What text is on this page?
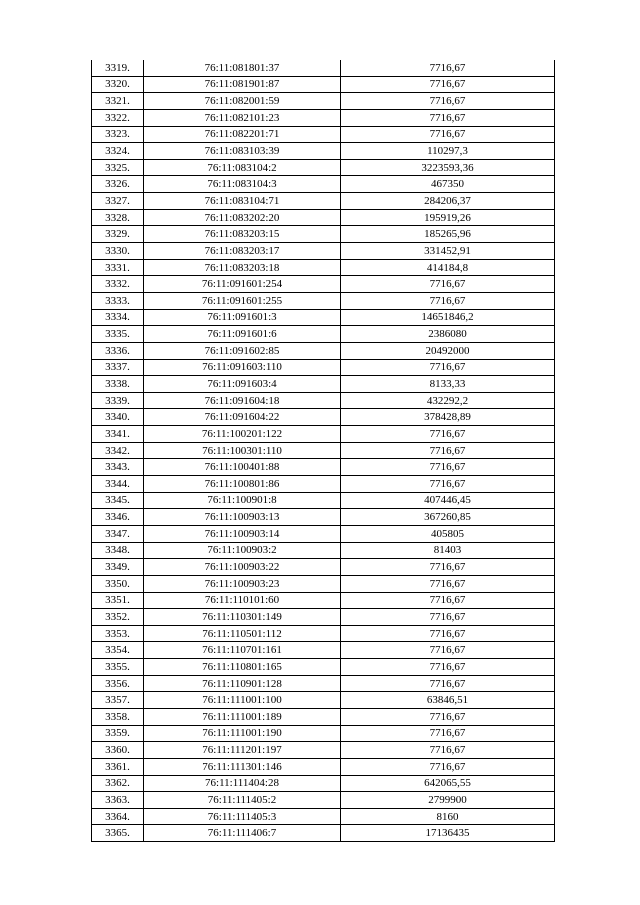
3319.	76:11:081801:37	7716,67
3320.	76:11:081901:87	7716,67
3321.	76:11:082001:59	7716,67
3322.	76:11:082101:23	7716,67
3323.	76:11:082201:71	7716,67
3324.	76:11:083103:39	110297,3
3325.	76:11:083104:2	3223593,36
3326.	76:11:083104:3	467350
3327.	76:11:083104:71	284206,37
3328.	76:11:083202:20	195919,26
3329.	76:11:083203:15	185265,96
3330.	76:11:083203:17	331452,91
3331.	76:11:083203:18	414184,8
3332.	76:11:091601:254	7716,67
3333.	76:11:091601:255	7716,67
3334.	76:11:091601:3	14651846,2
3335.	76:11:091601:6	2386080
3336.	76:11:091602:85	20492000
3337.	76:11:091603:110	7716,67
3338.	76:11:091603:4	8133,33
3339.	76:11:091604:18	432292,2
3340.	76:11:091604:22	378428,89
3341.	76:11:100201:122	7716,67
3342.	76:11:100301:110	7716,67
3343.	76:11:100401:88	7716,67
3344.	76:11:100801:86	7716,67
3345.	76:11:100901:8	407446,45
3346.	76:11:100903:13	367260,85
3347.	76:11:100903:14	405805
3348.	76:11:100903:2	81403
3349.	76:11:100903:22	7716,67
3350.	76:11:100903:23	7716,67
3351.	76:11:110101:60	7716,67
3352.	76:11:110301:149	7716,67
3353.	76:11:110501:112	7716,67
3354.	76:11:110701:161	7716,67
3355.	76:11:110801:165	7716,67
3356.	76:11:110901:128	7716,67
3357.	76:11:111001:100	63846,51
3358.	76:11:111001:189	7716,67
3359.	76:11:111001:190	7716,67
3360.	76:11:111201:197	7716,67
3361.	76:11:111301:146	7716,67
3362.	76:11:111404:28	642065,55
3363.	76:11:111405:2	2799900
3364.	76:11:111405:3	8160
3365.	76:11:111406:7	17136435
